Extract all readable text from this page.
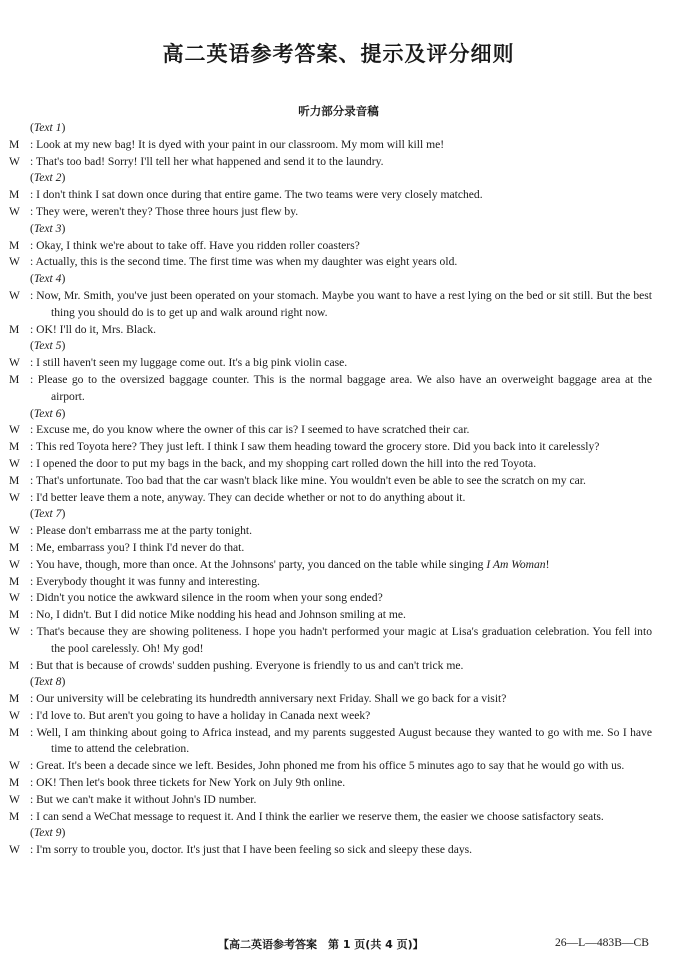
高二英语参考答案、提示及评分细则
听力部分录音稿
(Text 1)
M : Look at my new bag! It is dyed with your paint in our classroom. My mom will kill me!
W : That's too bad! Sorry! I'll tell her what happened and send it to the laundry.
(Text 2)
M : I don't think I sat down once during that entire game. The two teams were very closely matched.
W : They were, weren't they? Those three hours just flew by.
(Text 3)
M : Okay, I think we're about to take off. Have you ridden roller coasters?
W : Actually, this is the second time. The first time was when my daughter was eight years old.
(Text 4)
W : Now, Mr. Smith, you've just been operated on your stomach. Maybe you want to have a rest lying on the bed or sit still. But the best thing you should do is to get up and walk around right now.
M : OK! I'll do it, Mrs. Black.
(Text 5)
W : I still haven't seen my luggage come out. It's a big pink violin case.
M : Please go to the oversized baggage counter. This is the normal baggage area. We also have an overweight baggage area at the airport.
(Text 6)
W : Excuse me, do you know where the owner of this car is? I seemed to have scratched their car.
M : This red Toyota here? They just left. I think I saw them heading toward the grocery store. Did you back into it carelessly?
W : I opened the door to put my bags in the back, and my shopping cart rolled down the hill into the red Toyota.
M : That's unfortunate. Too bad that the car wasn't black like mine. You wouldn't even be able to see the scratch on my car.
W : I'd better leave them a note, anyway. They can decide whether or not to do anything about it.
(Text 7)
W : Please don't embarrass me at the party tonight.
M : Me, embarrass you? I think I'd never do that.
W : You have, though, more than once. At the Johnsons' party, you danced on the table while singing I Am Woman!
M : Everybody thought it was funny and interesting.
W : Didn't you notice the awkward silence in the room when your song ended?
M : No, I didn't. But I did notice Mike nodding his head and Johnson smiling at me.
W : That's because they are showing politeness. I hope you hadn't performed your magic at Lisa's graduation celebration. You fell into the pool carelessly. Oh! My god!
M : But that is because of crowds' sudden pushing. Everyone is friendly to us and can't trick me.
(Text 8)
M : Our university will be celebrating its hundredth anniversary next Friday. Shall we go back for a visit?
W : I'd love to. But aren't you going to have a holiday in Canada next week?
M : Well, I am thinking about going to Africa instead, and my parents suggested August because they wanted to go with me. So I have time to attend the celebration.
W : Great. It's been a decade since we left. Besides, John phoned me from his office 5 minutes ago to say that he would go with us.
M : OK! Then let's book three tickets for New York on July 9th online.
W : But we can't make it without John's ID number.
M : I can send a WeChat message to request it. And I think the earlier we reserve them, the easier we choose satisfactory seats.
(Text 9)
W : I'm sorry to trouble you, doctor. It's just that I have been feeling so sick and sleepy these days.
【高二英语参考答案　第 1 页(共 4 页)】	26—L—483B—CB
